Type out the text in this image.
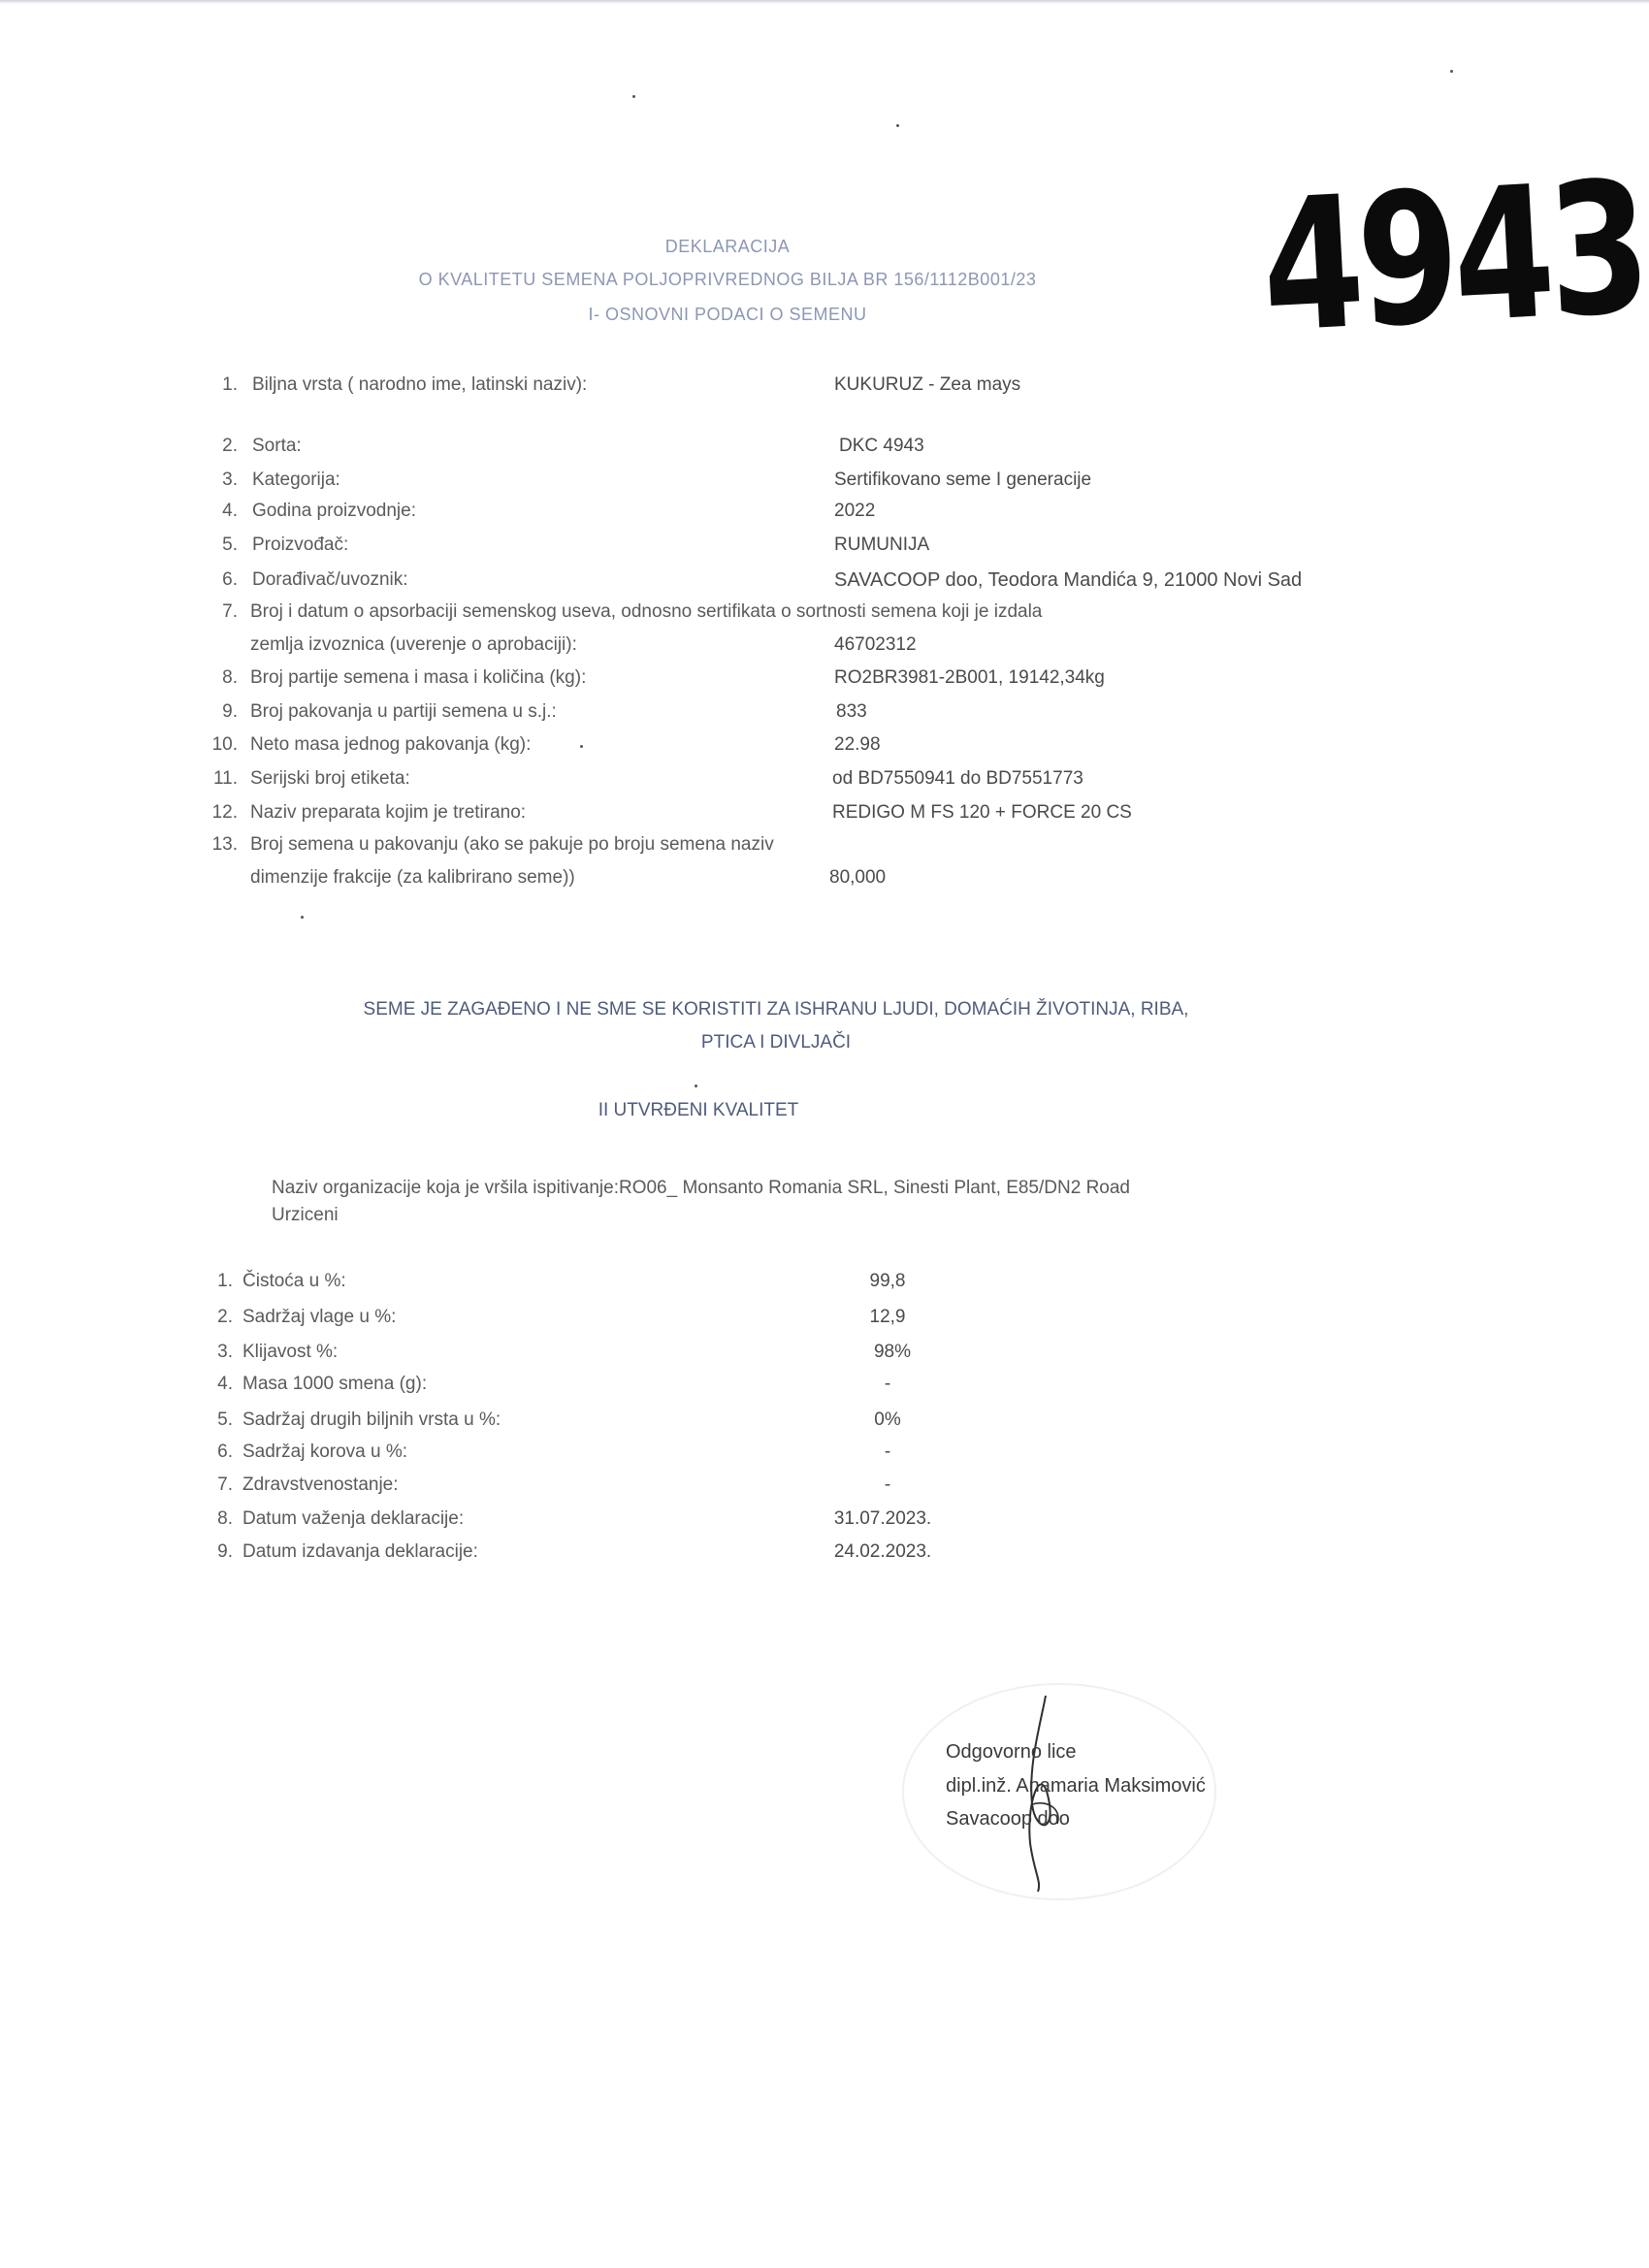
4943
DEKLARACIJA
O KVALITETU SEMENA POLJOPRIVREDNOG BILJA BR 156/1112B001/23
I- OSNOVNI PODACI O SEMENU
1. Biljna vrsta ( narodno ime, latinski naziv):	KUKURUZ - Zea mays
2. Sorta:	DKC 4943
3. Kategorija:	Sertifikovano seme I generacije
4. Godina proizvodnje:	2022
5. Proizvođač:	RUMUNIJA
6. Dorađivač/uvoznik:	SAVACOOP doo, Teodora Mandića 9, 21000 Novi Sad
7. Broj i datum o apsorbaciji semenskog useva, odnosno sertifikata o sortnosti semena koji je izdala
zemlja izvoznica (uverenje o aprobaciji):	46702312
8. Broj partije semena i masa i količina (kg):	RO2BR3981-2B001, 19142,34kg
9. Broj pakovanja u partiji semena u s.j.:	833
10. Neto masa jednog pakovanja (kg):	22.98
11. Serijski broj etiketa:	od BD7550941 do BD7551773
12. Naziv preparata kojim je tretirano:	REDIGO M FS 120 + FORCE 20 CS
13. Broj semena u pakovanju (ako se pakuje po broju semena naziv
dimenzije frakcije (za kalibrirano seme))	80,000
SEME JE ZAGAĐENO I NE SME SE KORISTITI ZA ISHRANU LJUDI, DOMAĆIH ŽIVOTINJA, RIBA,
PTICA I DIVLJAČI
II UTVRĐENI KVALITET
Naziv organizacije koja je vršila ispitivanje:RO06_ Monsanto Romania SRL, Sinesti Plant, E85/DN2 Road
Urziceni
1. Čistoća u %:	99,8
2. Sadržaj vlage u %:	12,9
3. Klijavost %:	98%
4. Masa 1000 smena (g):	-
5. Sadržaj drugih biljnih vrsta u %:	0%
6. Sadržaj korova u %:	-
7. Zdravstvenostanje:	-
8. Datum važenja deklaracije:	31.07.2023.
9. Datum izdavanja deklaracije:	24.02.2023.
Odgovorno lice
dipl.inž. Anamaria Maksimović
Savacoop doo
